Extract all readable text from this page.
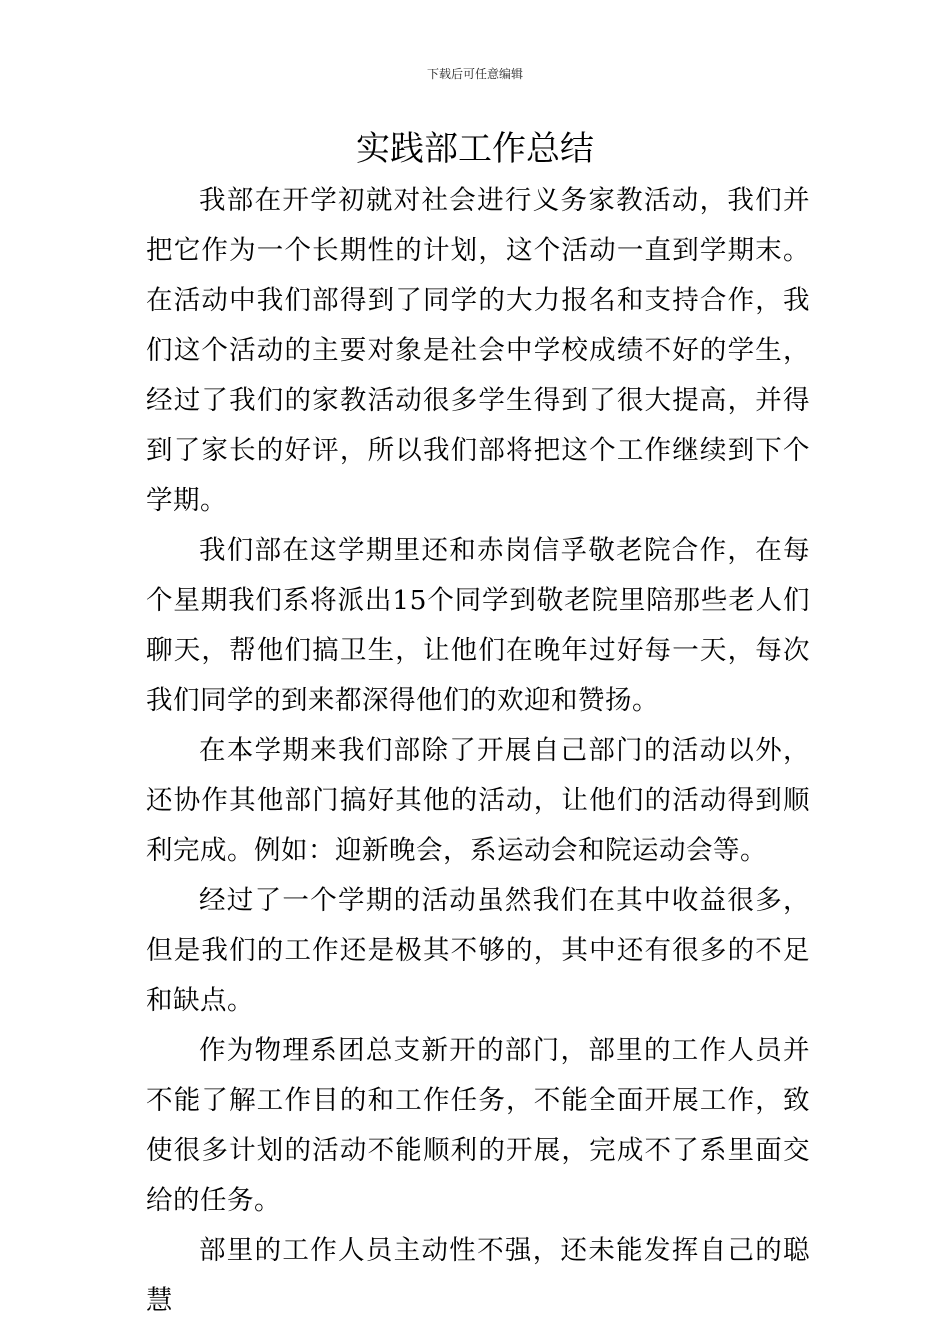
下载后可任意编辑
实践部工作总结

我部在开学初就对社会进行义务家教活动，我们并把它作为一个长期性的计划，这个活动一直到学期末。在活动中我们部得到了同学的大力报名和支持合作，我们这个活动的主要对象是社会中学校成绩不好的学生，经过了我们的家教活动很多学生得到了很大提高，并得到了家长的好评，所以我们部将把这个工作继续到下个学期。

我们部在这学期里还和赤岗信孚敬老院合作，在每个星期我们系将派出15个同学到敬老院里陪那些老人们聊天，帮他们搞卫生，让他们在晚年过好每一天，每次我们同学的到来都深得他们的欢迎和赞扬。

在本学期来我们部除了开展自己部门的活动以外，还协作其他部门搞好其他的活动，让他们的活动得到顺利完成。例如：迎新晚会，系运动会和院运动会等。

经过了一个学期的活动虽然我们在其中收益很多，但是我们的工作还是极其不够的，其中还有很多的不足和缺点。

作为物理系团总支新开的部门，部里的工作人员并不能了解工作目的和工作任务，不能全面开展工作，致使很多计划的活动不能顺利的开展，完成不了系里面交给的任务。

部里的工作人员主动性不强，还未能发挥自己的聪慧
